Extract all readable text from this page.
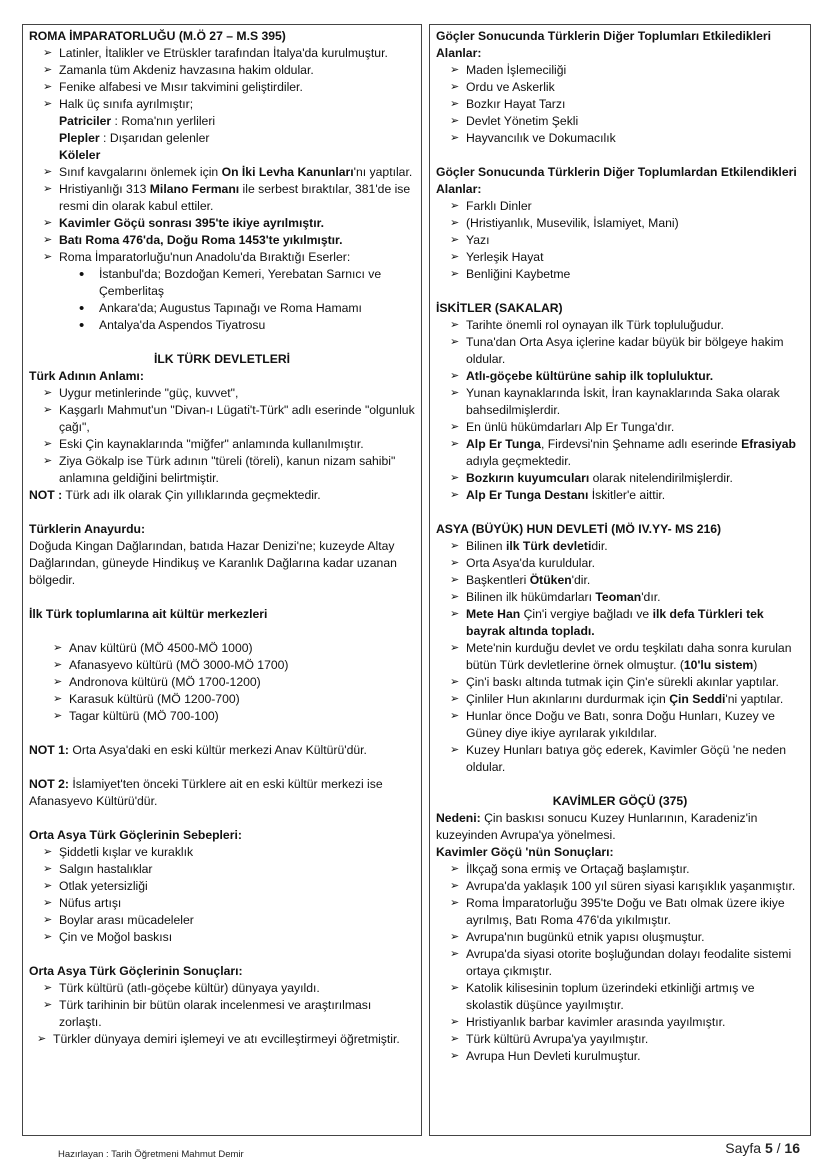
ROMA İMPARATORLUĞU (M.Ö 27 – M.S 395)

➢ Latinler, İtalikler ve Etrüskler tarafından İtalya'da kurulmuştur.
➢ Zamanla tüm Akdeniz havzasına hakim oldular.
➢ Fenike alfabesi ve Mısır takvimini geliştirdiler.
➢ Halk üç sınıfa ayrılmıştır;
Patriciler : Roma'nın yerlileri
Plepler : Dışarıdan gelenler
Köleler
➢ Sınıf kavgalarını önlemek için On İki Levha Kanunları'nı yaptılar.
➢ Hristiyanlığı 313 Milano Fermanı ile serbest bıraktılar, 381'de ise resmi din olarak kabul ettiler.
➢ Kavimler Göçü sonrası 395'te ikiye ayrılmıştır.
➢ Batı Roma 476'da, Doğu Roma 1453'te yıkılmıştır.
➢ Roma İmparatorluğu'nun Anadolu'da Bıraktığı Eserler:
• İstanbul'da; Bozdoğan Kemeri, Yerebatan Sarnıcı ve Çemberlitaş
• Ankara'da; Augustus Tapınağı ve Roma Hamamı
• Antalya'da Aspendos Tiyatrosu

İLK TÜRK DEVLETLERİ

Türk Adının Anlamı:

➢ Uygur metinlerinde "güç, kuvvet",
➢ Kaşgarlı Mahmut'un "Divan-ı Lügati't-Türk" adlı eserinde "olgunluk çağı",
➢ Eski Çin kaynaklarında "miğfer" anlamında kullanılmıştır.
➢ Ziya Gökalp ise Türk adının "türeli (töreli), kanun nizam sahibi" anlamına geldiğini belirtmiştir.

NOT : Türk adı ilk olarak Çin yıllıklarında geçmektedir.

Türklerin Anayurdu:

Doğuda Kingan Dağlarından, batıda Hazar Denizi'ne; kuzeyde Altay Dağlarından, güneyde Hindikuş ve Karanlık Dağlarına kadar uzanan bölgedir.

İlk Türk toplumlarına ait kültür merkezleri

➢ Anav kültürü (MÖ 4500-MÖ 1000)
➢ Afanasyevo kültürü (MÖ 3000-MÖ 1700)
➢ Andronova kültürü (MÖ 1700-1200)
➢ Karasuk kültürü (MÖ 1200-700)
➢ Tagar kültürü (MÖ 700-100)

NOT 1: Orta Asya'daki en eski kültür merkezi Anav Kültürü'dür.

NOT 2: İslamiyet'ten önceki Türklere ait en eski kültür merkezi ise Afanasyevo Kültürü'dür.

Orta Asya Türk Göçlerinin Sebepleri:

➢ Şiddetli kışlar ve kuraklık
➢ Salgın hastalıklar
➢ Otlak yetersizliği
➢ Nüfus artışı
➢ Boylar arası mücadeleler
➢ Çin ve Moğol baskısı

Orta Asya Türk Göçlerinin Sonuçları:

➢ Türk kültürü (atlı-göçebe kültür) dünyaya yayıldı.
➢ Türk tarihinin bir bütün olarak incelenmesi ve araştırılması zorlaştı.
➢ Türkler dünyaya demiri işlemeyi ve atı evcilleştirmeyi öğretmiştir.

Göçler Sonucunda Türklerin Diğer Toplumları Etkiledikleri Alanlar:

➢ Maden İşlemeciliği
➢ Ordu ve Askerlik
➢ Bozkır Hayat Tarzı
➢ Devlet Yönetim Şekli
➢ Hayvancılık ve Dokumacılık

Göçler Sonucunda Türklerin Diğer Toplumlardan Etkilendikleri Alanlar:

➢ Farklı Dinler
➢ (Hristiyanlık, Musevilik, İslamiyet, Mani)
➢ Yazı
➢ Yerleşik Hayat
➢ Benliğini Kaybetme

İSKİTLER (SAKALAR)

➢ Tarihte önemli rol oynayan ilk Türk topluluğudur.
➢ Tuna'dan Orta Asya içlerine kadar büyük bir bölgeye hakim oldular.
➢ Atlı-göçebe kültürüne sahip ilk topluluktur.
➢ Yunan kaynaklarında İskit, İran kaynaklarında Saka olarak bahsedilmişlerdir.
➢ En ünlü hükümdarları Alp Er Tunga'dır.
➢ Alp Er Tunga, Firdevsi'nin Şehname adlı eserinde Efrasiyab adıyla geçmektedir.
➢ Bozkırın kuyumcuları olarak nitelendirilmişlerdir.
➢ Alp Er Tunga Destanı İskitler'e aittir.

ASYA (BÜYÜK) HUN DEVLETİ (MÖ IV.YY- MS 216)

➢ Bilinen ilk Türk devletidir.
➢ Orta Asya'da kuruldular.
➢ Başkentleri Ötüken'dir.
➢ Bilinen ilk hükümdarları Teoman'dır.
➢ Mete Han Çin'i vergiye bağladı ve ilk defa Türkleri tek bayrak altında topladı.
➢ Mete'nin kurduğu devlet ve ordu teşkilatı daha sonra kurulan bütün Türk devletlerine örnek olmuştur. (10'lu sistem)
➢ Çin'i baskı altında tutmak için Çin'e sürekli akınlar yaptılar.
➢ Çinliler Hun akınlarını durdurmak için Çin Seddi'ni yaptılar.
➢ Hunlar önce Doğu ve Batı, sonra Doğu Hunları, Kuzey ve Güney diye ikiye ayrılarak yıkıldılar.
➢ Kuzey Hunları batıya göç ederek, Kavimler Göçü 'ne neden oldular.

KAVİMLER GÖÇÜ (375)

Nedeni: Çin baskısı sonucu Kuzey Hunlarının, Karadeniz'in kuzeyinden Avrupa'ya yönelmesi.

Kavimler Göçü 'nün Sonuçları:

➢ İlkçağ sona ermiş ve Ortaçağ başlamıştır.
➢ Avrupa'da yaklaşık 100 yıl süren siyasi karışıklık yaşanmıştır.
➢ Roma İmparatorluğu 395'te Doğu ve Batı olmak üzere ikiye ayrılmış, Batı Roma 476'da yıkılmıştır.
➢ Avrupa'nın bugünkü etnik yapısı oluşmuştur.
➢ Avrupa'da siyasi otorite boşluğundan dolayı feodalite sistemi ortaya çıkmıştır.
➢ Katolik kilisesinin toplum üzerindeki etkinliği artmış ve skolastik düşünce yayılmıştır.
➢ Hristiyanlık barbar kavimler arasında yayılmıştır.
➢ Türk kültürü Avrupa'ya yayılmıştır.
➢ Avrupa Hun Devleti kurulmuştur.
Hazırlayan : Tarih Öğretmeni Mahmut Demir	Sayfa 5 / 16
